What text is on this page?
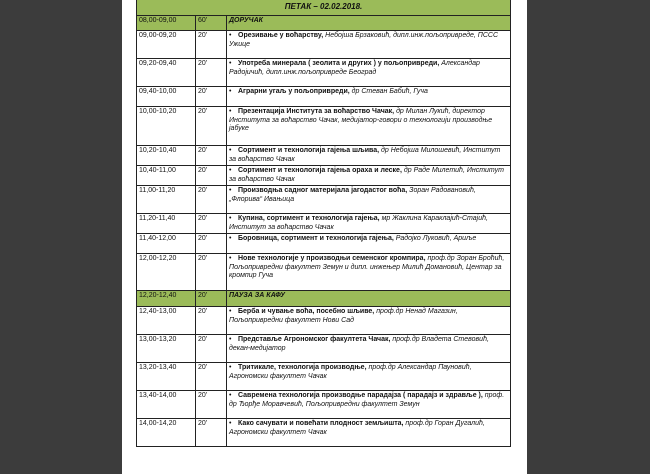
ПЕТАК – 02.02.2018.		
08,00-09,00	60’	ДОРУЧАК
09,00-09,20	20’	• Орезивање у воћарству, Небојша Брзаковић, дипл.инж.пољопривреде, ПССС Ужице
09,20-09,40	20’	• Употреба минерала ( зеолита и других ) у пољопривреди, Александар Радојичић, дипл.инж.пољопривреде Београд
09,40-10,00	20’	• Аграрни угаљ у пољопривреди, др Стеван Бабић, Гуча
10,00-10,20	20’	• Презентација Института за воћарство Чачак, др Милан Лукић, директор Института за воћарство Чачак, медијатор-говори о технологији производње јабуке
10,20-10,40	20’	• Сортимент и технологија гајења шљива, др Небојша Милошевић, Институт за воћарство Чачак
10,40-11,00	20’	• Сортимент и технологија гајења ораха и леске, др Раде Милетић, Институт за воћарство Чачак
11,00-11,20	20’	• Производња садног материјала јагодастог воћа, Зоран Радовановић, „Флорива“ Ивањица
11,20-11,40	20’	• Купина, сортимент и технологија гајења, мр Жаклина Караклајић-Стајић, Институт за воћарство Чачак
11,40-12,00	20’	• Боровница, сортимент и технологија гајења, Радојко Луковић, Ариље
12,00-12,20	20’	• Нове технологије у производњи семенског кромпира, проф.др Зоран Броћић, Пољопривредни факултет Земун и дипл. инжењер Милић Домановић, Центар за кромпир Гуча
12,20-12,40	20’	ПАУЗА ЗА КАФУ
12,40-13,00	20’	• Берба и чување воћа, посебно шљиве, проф.др Ненад Магазин, Пољопривредни факултет Нови Сад
13,00-13,20	20’	• Представље Агрономског факултета Чачак, проф.др Владета Стевовић, декан-медијатор
13,20-13,40	20’	• Тритикале, технологија производње, проф.др Александар Пауновић, Агрономски факултет Чачак
13,40-14,00	20’	• Савремена технологија производње парадајза ( парадајз и здравље ), проф. др Ђорђе Моравчевић, Пољопривредни факултет Земун
14,00-14,20	20’	• Како сачувати и повећати плодност земљишта, проф.др Горан Дугалић, Агрономски факултет Чачак
